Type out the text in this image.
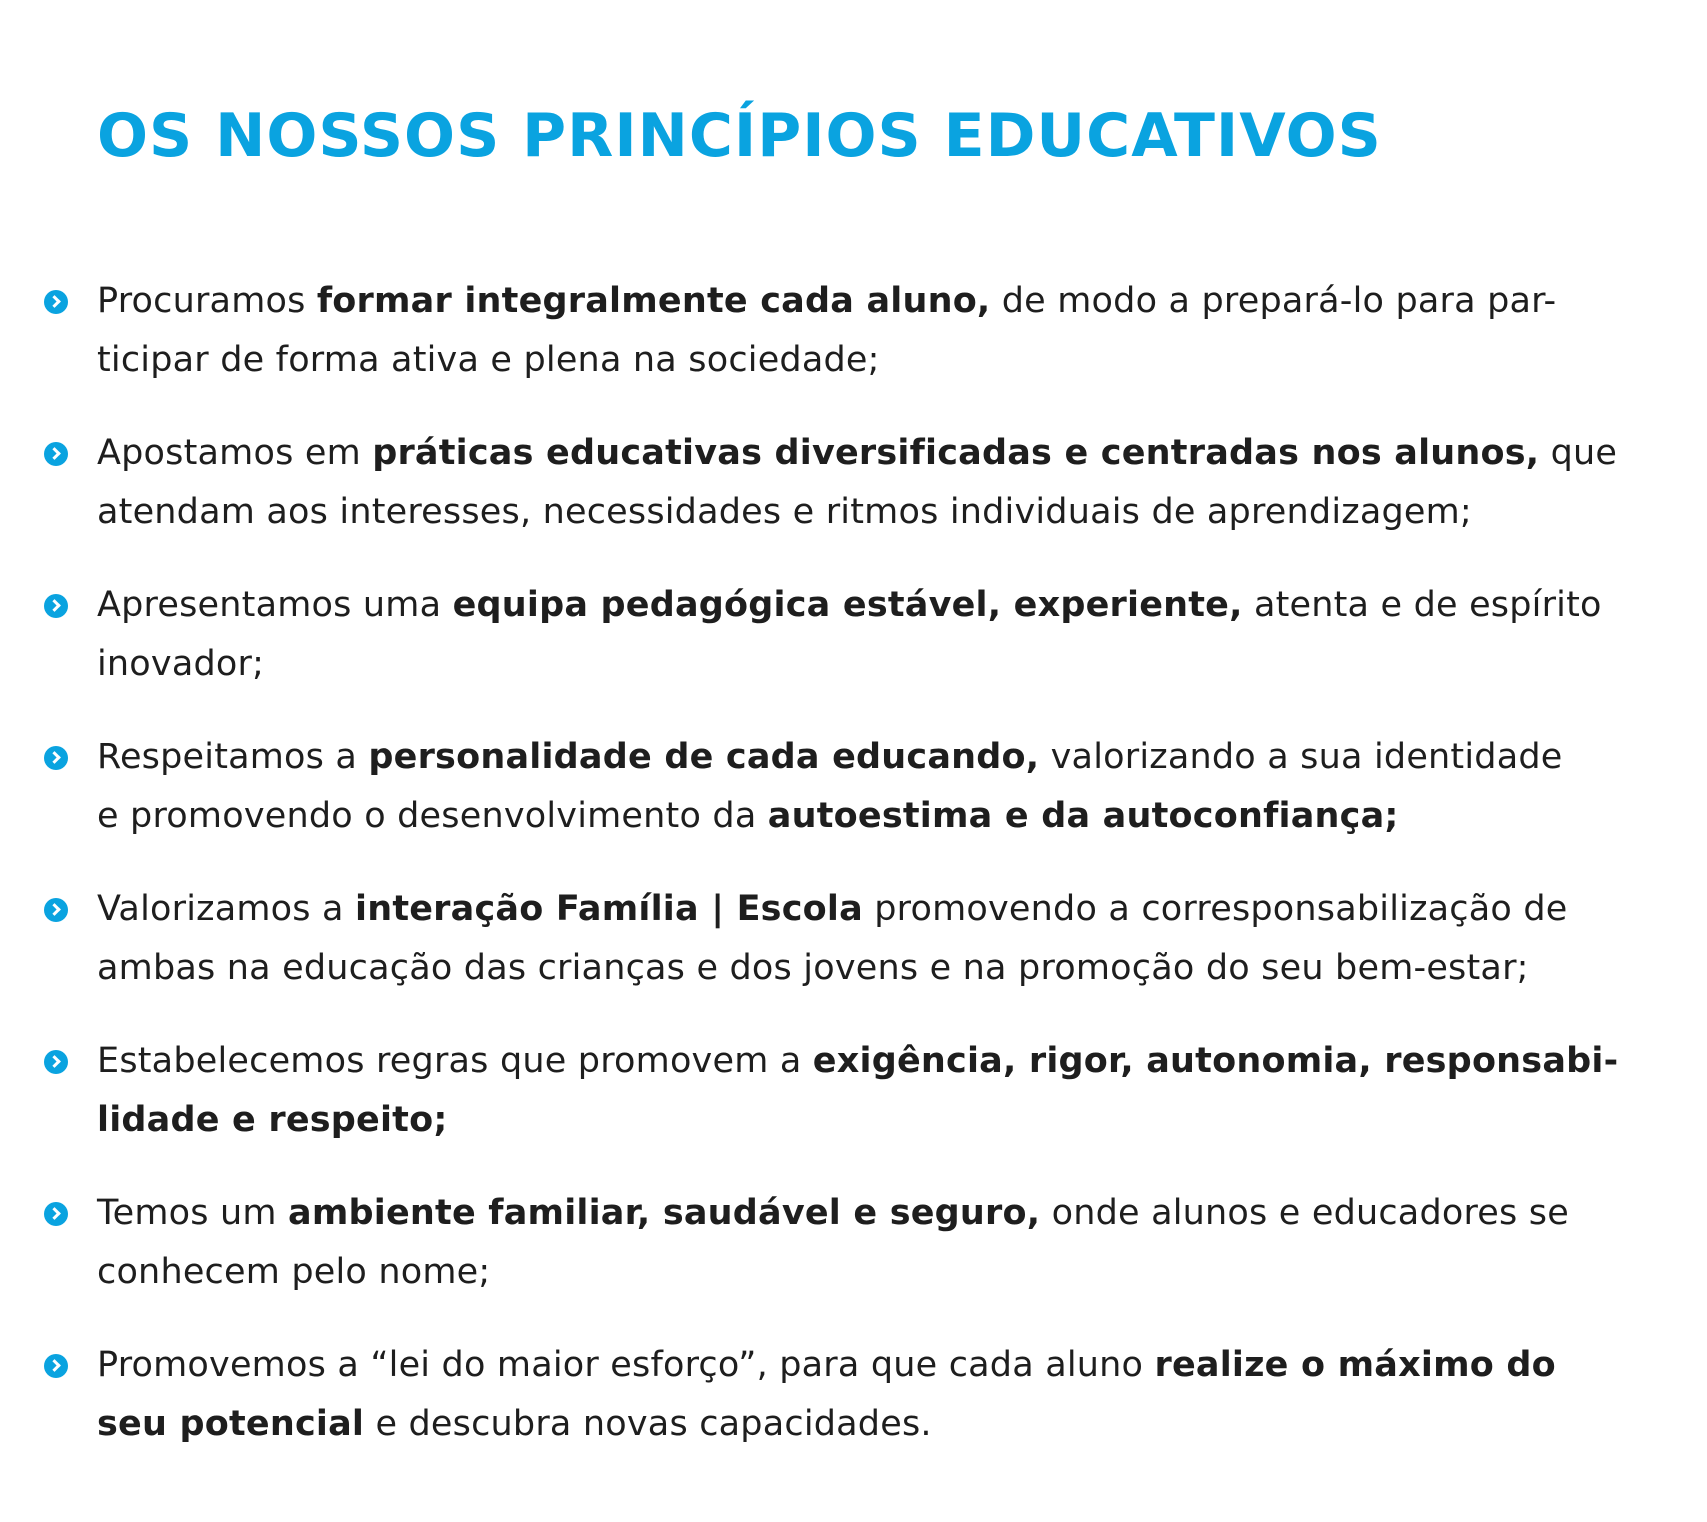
OS NOSSOS PRINCÍPIOS EDUCATIVOS
Procuramos formar integralmente cada aluno, de modo a prepará-lo para par-
ticipar de forma ativa e plena na sociedade;
Apostamos em práticas educativas diversificadas e centradas nos alunos, que
atendam aos interesses, necessidades e ritmos individuais de aprendizagem;
Apresentamos uma equipa pedagógica estável, experiente, atenta e de espírito
inovador;
Respeitamos a personalidade de cada educando, valorizando a sua identidade
e promovendo o desenvolvimento da autoestima e da autoconfiança;
Valorizamos a interação Família | Escola promovendo a corresponsabilização de
ambas na educação das crianças e dos jovens e na promoção do seu bem-estar;
Estabelecemos regras que promovem a exigência, rigor, autonomia, responsabi-
lidade e respeito;
Temos um ambiente familiar, saudável e seguro, onde alunos e educadores se
conhecem pelo nome;
Promovemos a “lei do maior esforço”, para que cada aluno realize o máximo do
seu potencial e descubra novas capacidades.
